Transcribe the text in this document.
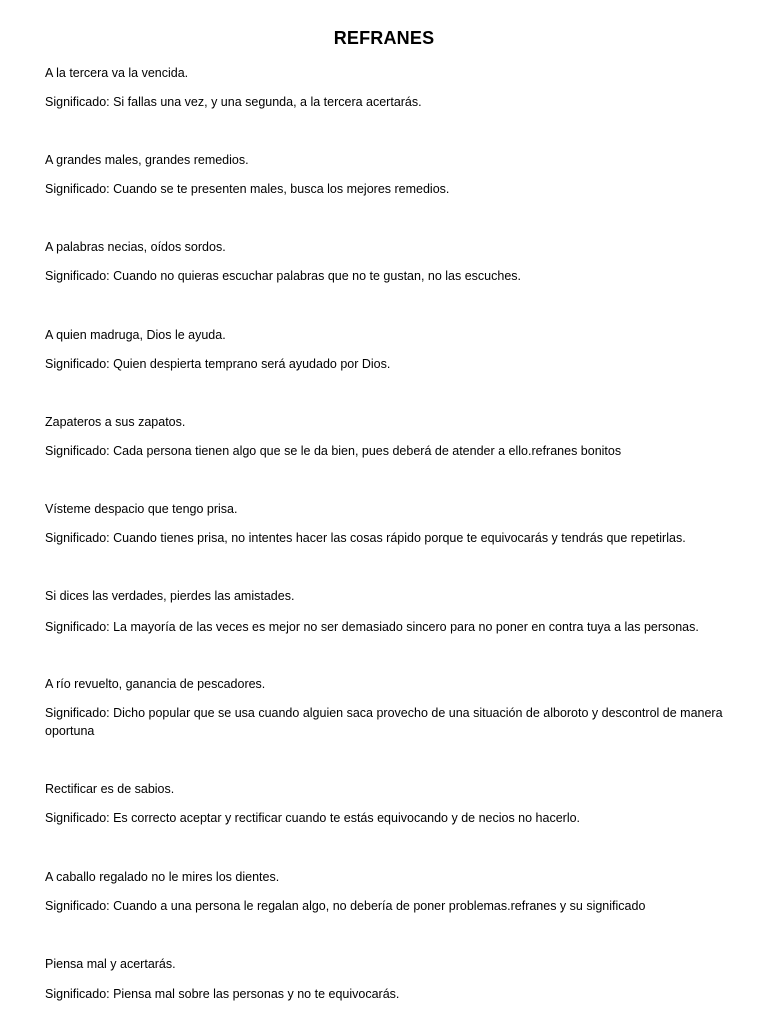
REFRANES
A la tercera va la vencida.
Significado: Si fallas una vez, y una segunda, a la tercera acertarás.
A grandes males, grandes remedios.
Significado: Cuando se te presenten males, busca los mejores remedios.
A palabras necias, oídos sordos.
Significado: Cuando no quieras escuchar palabras que no te gustan, no las escuches.
A quien madruga, Dios le ayuda.
Significado: Quien despierta temprano será ayudado por Dios.
Zapateros a sus zapatos.
Significado: Cada persona tienen algo que se le da bien, pues deberá de atender a ello.refranes bonitos
Vísteme despacio que tengo prisa.
Significado: Cuando tienes prisa, no intentes hacer las cosas rápido porque te equivocarás y tendrás que repetirlas.
Si dices las verdades, pierdes las amistades.
Significado: La mayoría de las veces es mejor no ser demasiado sincero para no poner en contra tuya a las personas.
A río revuelto, ganancia de pescadores.
Significado: Dicho popular que se usa cuando alguien saca provecho de una situación de alboroto y descontrol de manera oportuna
Rectificar es de sabios.
Significado: Es correcto aceptar y rectificar cuando te estás equivocando y de necios no hacerlo.
A caballo regalado no le mires los dientes.
Significado: Cuando a una persona le regalan algo, no debería de poner problemas.refranes y su significado
Piensa mal y acertarás.
Significado: Piensa mal sobre las personas y no te equivocarás.
